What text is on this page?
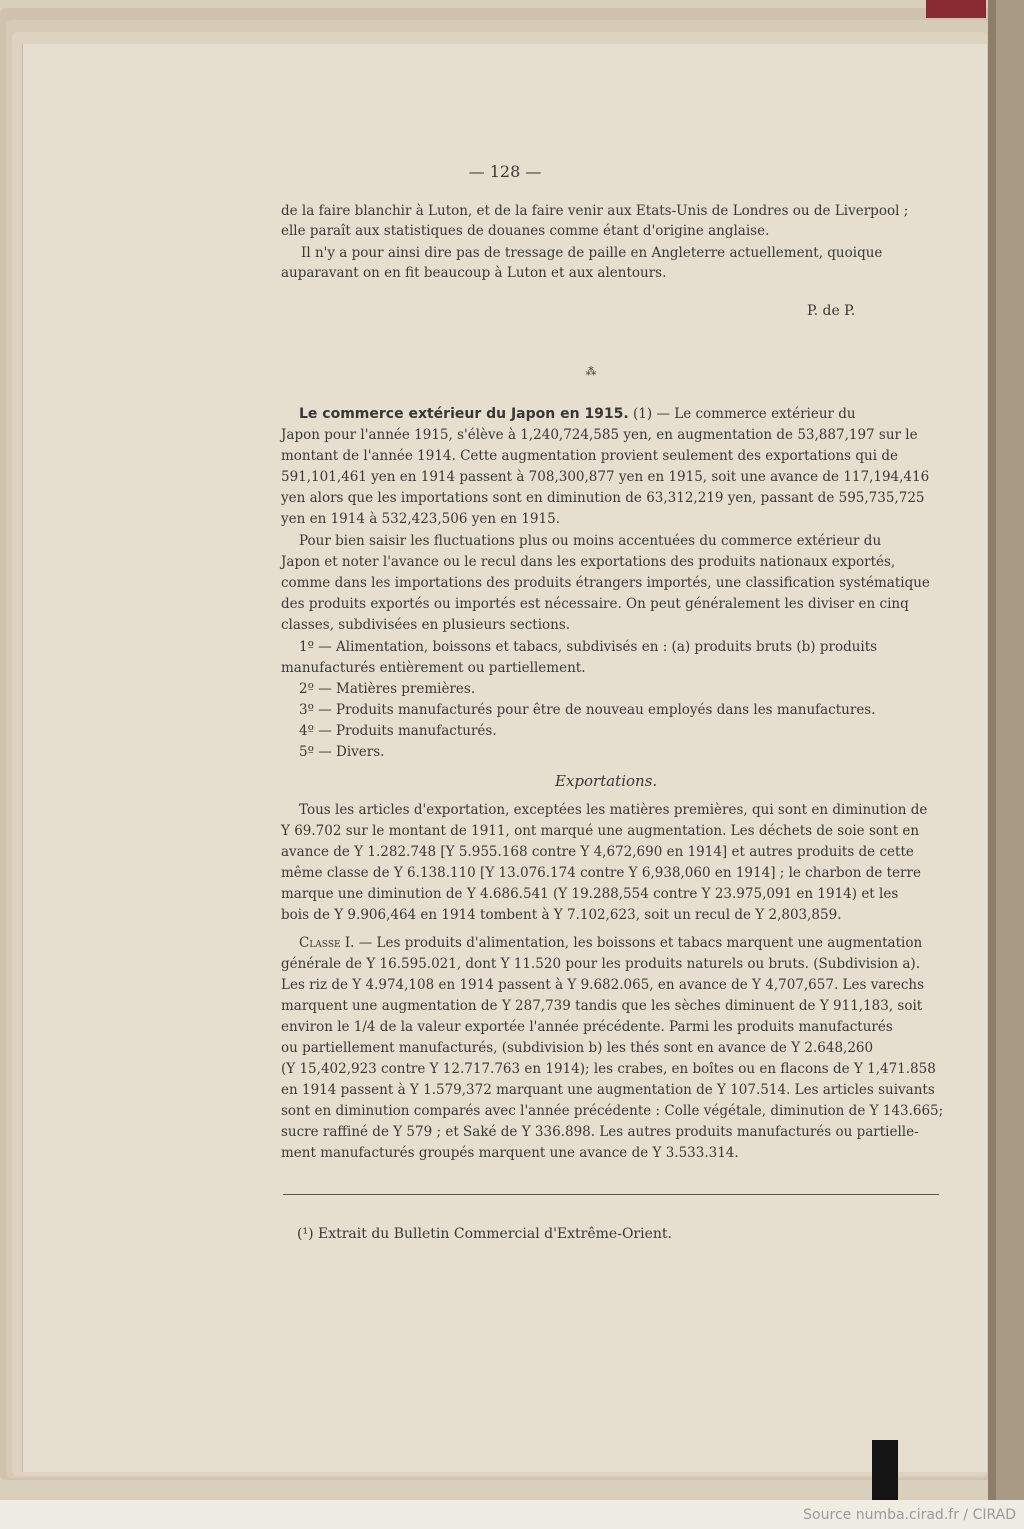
— 128 —
de la faire blanchir à Luton, et de la faire venir aux Etats-Unis de Londres ou de Liverpool ;
elle paraît aux statistiques de douanes comme étant d'origine anglaise.
Il n'y a pour ainsi dire pas de tressage de paille en Angleterre actuellement, quoique
auparavant on en fit beaucoup à Luton et aux alentours.
P. de P.
⁂
Le commerce extérieur du Japon en 1915. (1) — Le commerce extérieur du
Japon pour l'année 1915, s'élève à 1,240,724,585 yen, en augmentation de 53,887,197 sur le
montant de l'année 1914. Cette augmentation provient seulement des exportations qui de
591,101,461 yen en 1914 passent à 708,300,877 yen en 1915, soit une avance de 117,194,416
yen alors que les importations sont en diminution de 63,312,219 yen, passant de 595,735,725
yen en 1914 à 532,423,506 yen en 1915.
Pour bien saisir les fluctuations plus ou moins accentuées du commerce extérieur du
Japon et noter l'avance ou le recul dans les exportations des produits nationaux exportés,
comme dans les importations des produits étrangers importés, une classification systématique
des produits exportés ou importés est nécessaire. On peut généralement les diviser en cinq
classes, subdivisées en plusieurs sections.
1º — Alimentation, boissons et tabacs, subdivisés en : (a) produits bruts (b) produits
manufacturés entièrement ou partiellement.
2º — Matières premières.
3º — Produits manufacturés pour être de nouveau employés dans les manufactures.
4º — Produits manufacturés.
5º — Divers.
Exportations.
Tous les articles d'exportation, exceptées les matières premières, qui sont en diminution de
Y 69.702 sur le montant de 1911, ont marqué une augmentation. Les déchets de soie sont en
avance de Y 1.282.748 [Y 5.955.168 contre Y 4,672,690 en 1914] et autres produits de cette
même classe de Y 6.138.110 [Y 13.076.174 contre Y 6,938,060 en 1914] ; le charbon de terre
marque une diminution de Y 4.686.541 (Y 19.288,554 contre Y 23.975,091 en 1914) et les
bois de Y 9.906,464 en 1914 tombent à Y 7.102,623, soit un recul de Y 2,803,859.
Classe I. — Les produits d'alimentation, les boissons et tabacs marquent une augmentation
générale de Y 16.595.021, dont Y 11.520 pour les produits naturels ou bruts. (Subdivision a).
Les riz de Y 4.974,108 en 1914 passent à Y 9.682.065, en avance de Y 4,707,657. Les varechs
marquent une augmentation de Y 287,739 tandis que les sèches diminuent de Y 911,183, soit
environ le 1/4 de la valeur exportée l'année précédente. Parmi les produits manufacturés
ou partiellement manufacturés, (subdivision b) les thés sont en avance de Y 2.648,260
(Y 15,402,923 contre Y 12.717.763 en 1914); les crabes, en boîtes ou en flacons de Y 1,471.858
en 1914 passent à Y 1.579,372 marquant une augmentation de Y 107.514. Les articles suivants
sont en diminution comparés avec l'année précédente : Colle végétale, diminution de Y 143.665;
sucre raffiné de Y 579 ; et Saké de Y 336.898. Les autres produits manufacturés ou partielle-
ment manufacturés groupés marquent une avance de Y 3.533.314.
(¹) Extrait du Bulletin Commercial d'Extrême-Orient.
Source numba.cirad.fr / CIRAD
